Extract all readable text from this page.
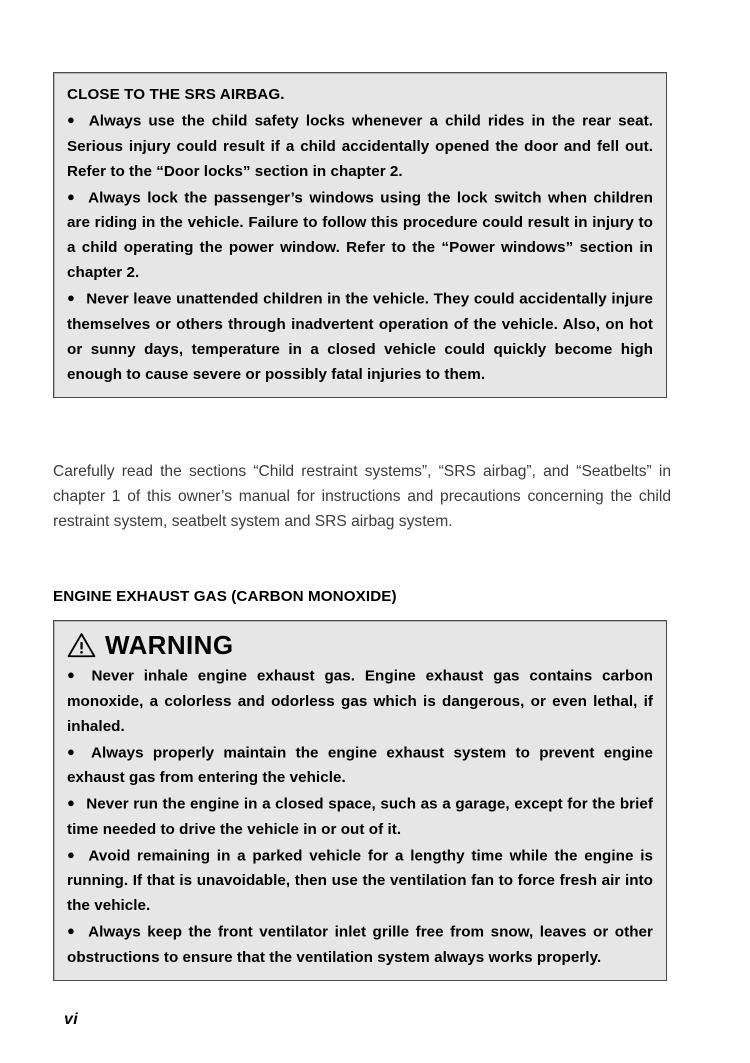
CLOSE TO THE SRS AIRBAG.

● Always use the child safety locks whenever a child rides in the rear seat. Serious injury could result if a child accidentally opened the door and fell out. Refer to the “Door locks” section in chapter 2.

● Always lock the passenger’s windows using the lock switch when children are riding in the vehicle. Failure to follow this procedure could result in injury to a child operating the power window. Refer to the “Power windows” section in chapter 2.

● Never leave unattended children in the vehicle. They could accidentally injure themselves or others through inadvertent operation of the vehicle. Also, on hot or sunny days, temperature in a closed vehicle could quickly become high enough to cause severe or possibly fatal injuries to them.

Carefully read the sections “Child restraint systems”, “SRS airbag”, and “Seatbelts” in chapter 1 of this owner’s manual for instructions and precautions concerning the child restraint system, seatbelt system and SRS airbag system.

ENGINE EXHAUST GAS (CARBON MONOXIDE)

WARNING

● Never inhale engine exhaust gas. Engine exhaust gas contains carbon monoxide, a colorless and odorless gas which is dangerous, or even lethal, if inhaled.

● Always properly maintain the engine exhaust system to prevent engine exhaust gas from entering the vehicle.

● Never run the engine in a closed space, such as a garage, except for the brief time needed to drive the vehicle in or out of it.

● Avoid remaining in a parked vehicle for a lengthy time while the engine is running. If that is unavoidable, then use the ventilation fan to force fresh air into the vehicle.

● Always keep the front ventilator inlet grille free from snow, leaves or other obstructions to ensure that the ventilation system always works properly.

vi
